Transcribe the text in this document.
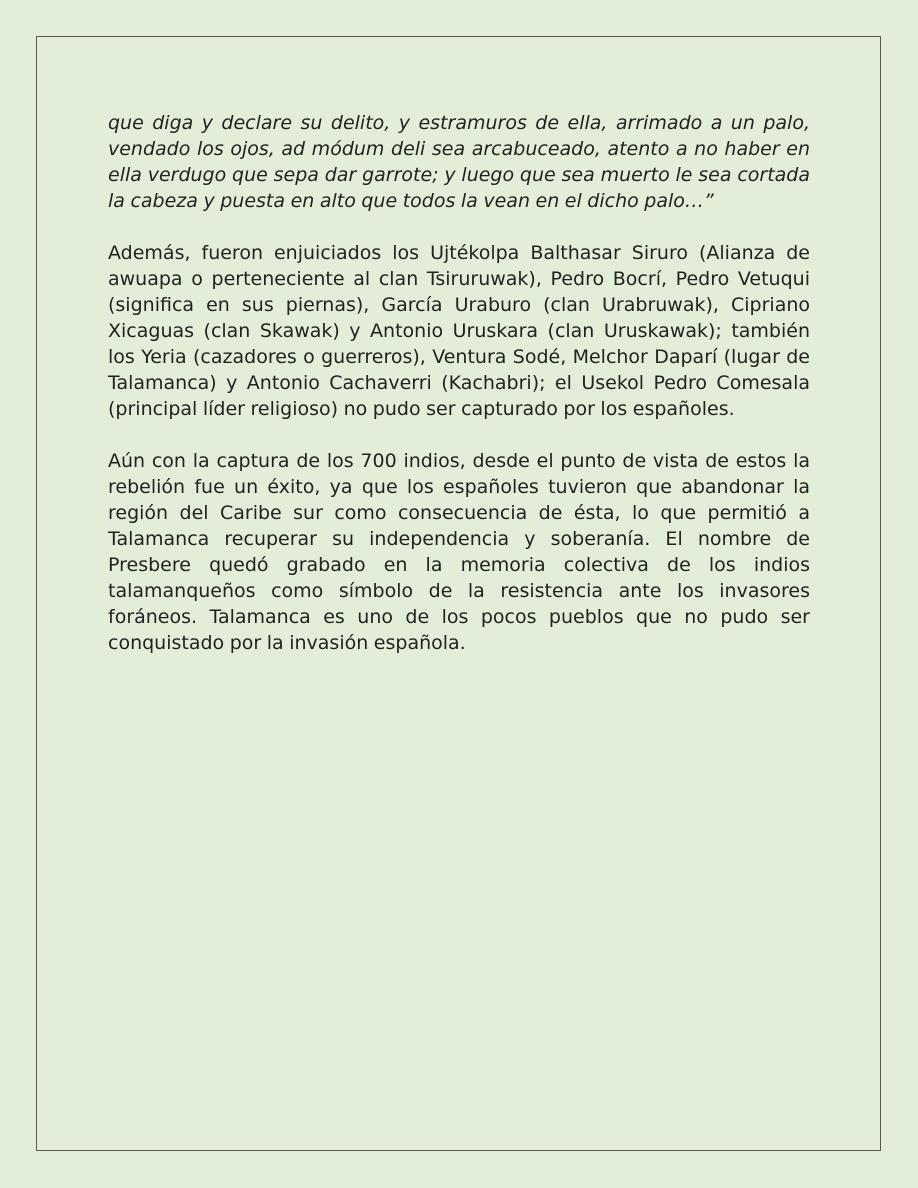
que diga y declare su delito, y estramuros de ella, arrimado a un palo, vendado los ojos, ad módum deli sea arcabuceado, atento a no haber en ella verdugo que sepa dar garrote; y luego que sea muerto le sea cortada la cabeza y puesta en alto que todos la vean en el dicho palo…”

Además, fueron enjuiciados los Ujtékolpa Balthasar Siruro (Alianza de awuapa o perteneciente al clan Tsiruruwak), Pedro Bocrí, Pedro Vetuqui (significa en sus piernas), García Uraburo (clan Urabruwak), Cipriano Xicaguas (clan Skawak) y Antonio Uruskara (clan Uruskawak); también los Yeria (cazadores o guerreros), Ventura Sodé, Melchor Daparí (lugar de Talamanca) y Antonio Cachaverri (Kachabri); el Usekol Pedro Comesala (principal líder religioso) no pudo ser capturado por los españoles.

Aún con la captura de los 700 indios, desde el punto de vista de estos la rebelión fue un éxito, ya que los españoles tuvieron que abandonar la región del Caribe sur como consecuencia de ésta, lo que permitió a Talamanca recuperar su independencia y soberanía. El nombre de Presbere quedó grabado en la memoria colectiva de los indios talamanqueños como símbolo de la resistencia ante los invasores foráneos. Talamanca es uno de los pocos pueblos que no pudo ser conquistado por la invasión española.
